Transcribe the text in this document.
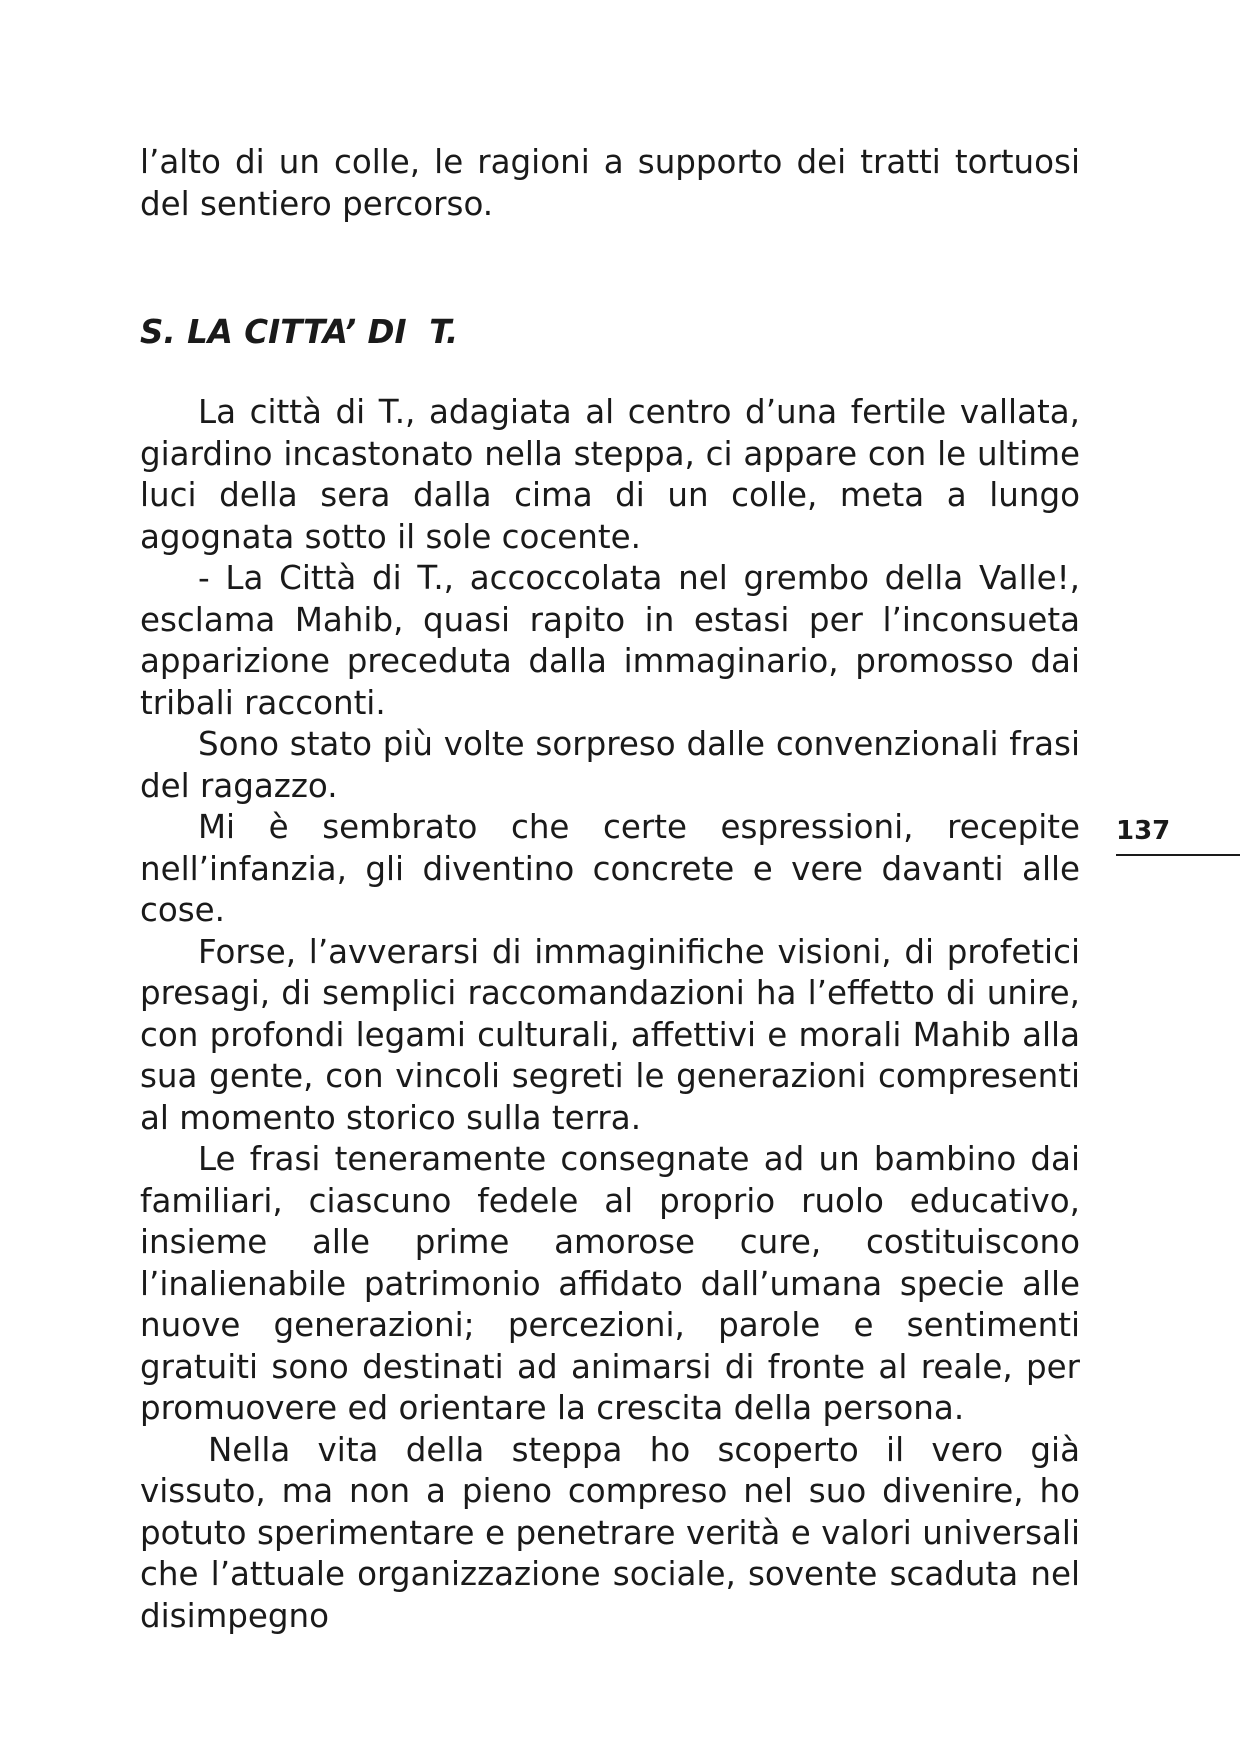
l’alto di un colle, le ragioni a supporto dei tratti tortuosi del sentiero percorso.

S. LA CITTA’ DI  T.

La città di T., adagiata al centro d’una fertile vallata, giardino incastonato nella steppa, ci appare con le ultime luci della sera dalla cima di un colle, meta a lungo agognata sotto il sole cocente.

- La Città di T., accoccolata nel grembo della Valle!, esclama Mahib, quasi rapito in estasi per l’inconsueta apparizione preceduta dalla immaginario, promosso dai tribali racconti.

Sono stato più volte sorpreso dalle convenzionali frasi del ragazzo.

Mi è sembrato che certe espressioni, recepite nell’infanzia, gli diventino concrete e vere davanti alle cose.

Forse, l’avverarsi di immaginifiche visioni, di profetici presagi, di semplici raccomandazioni ha l’effetto di unire, con profondi legami culturali, affettivi e morali Mahib alla sua gente, con vincoli segreti le generazioni compresenti al momento storico sulla terra.

Le frasi teneramente consegnate ad un bambino dai familiari, ciascuno fedele al proprio ruolo educativo, insieme alle prime amorose cure, costituiscono l’inalienabile patrimonio affidato dall’umana specie alle nuove generazioni; percezioni, parole e sentimenti gratuiti sono destinati ad animarsi di fronte al reale, per promuovere ed orientare la crescita della persona.

Nella vita della steppa ho scoperto il vero già vissuto, ma non a pieno compreso nel suo divenire, ho potuto sperimentare e penetrare verità e valori universali che l’attuale organizzazione sociale, sovente scaduta nel disimpegno

137
